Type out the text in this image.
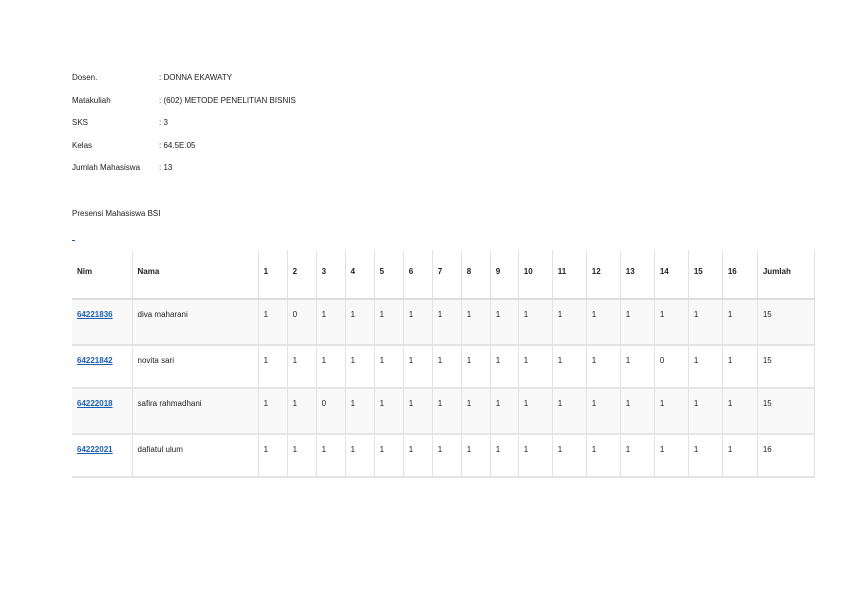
Dosen.	: DONNA EKAWATY
Matakuliah	: (602) METODE PENELITIAN BISNIS
SKS	: 3
Kelas	: 64.5E.05
Jumlah Mahasiswa : 13
Presensi Mahasiswa BSI
Nim	Nama	1	2	3	4	5	6	7	8	9	10	11	12	13	14	15	16	Jumlah
64221836	diva maharani	1	0	1	1	1	1	1	1	1	1	1	1	1	1	1	1	15
64221842	novita sari	1	1	1	1	1	1	1	1	1	1	1	1	1	0	1	1	15
64222018	safira rahmadhani	1	1	0	1	1	1	1	1	1	1	1	1	1	1	1	1	15
64222021	dafiatul ulum	1	1	1	1	1	1	1	1	1	1	1	1	1	1	1	1	16
